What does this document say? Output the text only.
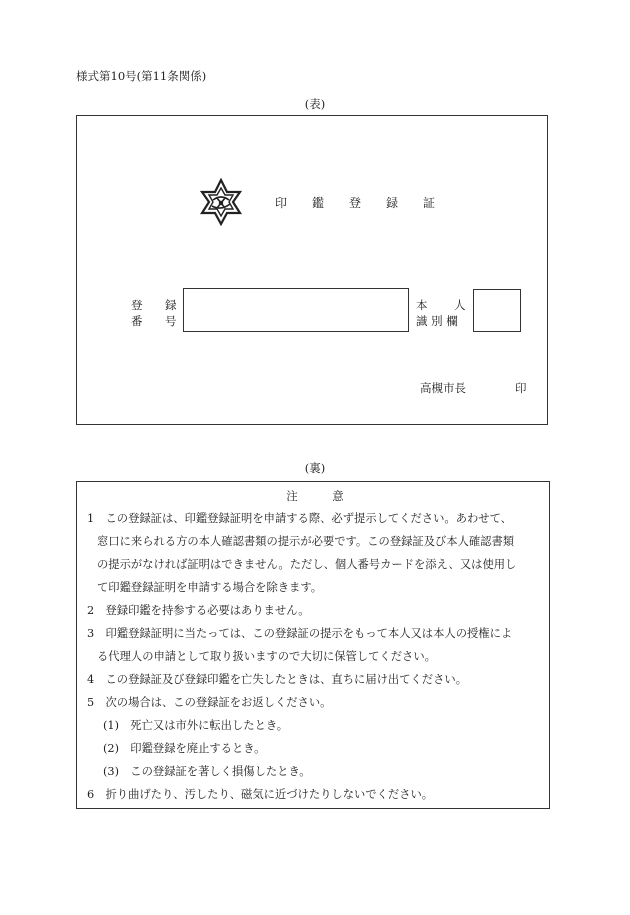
様式第10号(第11条関係)
(表)
印 鑑 登 録 証
登 録
番 号
本 人
識 別 欄
高槻市長	印
(裏)
注　　　意
1　この登録証は、印鑑登録証明を申請する際、必ず提示してください。あわせて、
窓口に来られる方の本人確認書類の提示が必要です。この登録証及び本人確認書類
の提示がなければ証明はできません。ただし、個人番号カードを添え、又は使用し
て印鑑登録証明を申請する場合を除きます。
2　登録印鑑を持参する必要はありません。
3　印鑑登録証明に当たっては、この登録証の提示をもって本人又は本人の授権によ
る代理人の申請として取り扱いますので大切に保管してください。
4　この登録証及び登録印鑑を亡失したときは、直ちに届け出てください。
5　次の場合は、この登録証をお返しください。
(1)　死亡又は市外に転出したとき。
(2)　印鑑登録を廃止するとき。
(3)　この登録証を著しく損傷したとき。
6　折り曲げたり、汚したり、磁気に近づけたりしないでください。
